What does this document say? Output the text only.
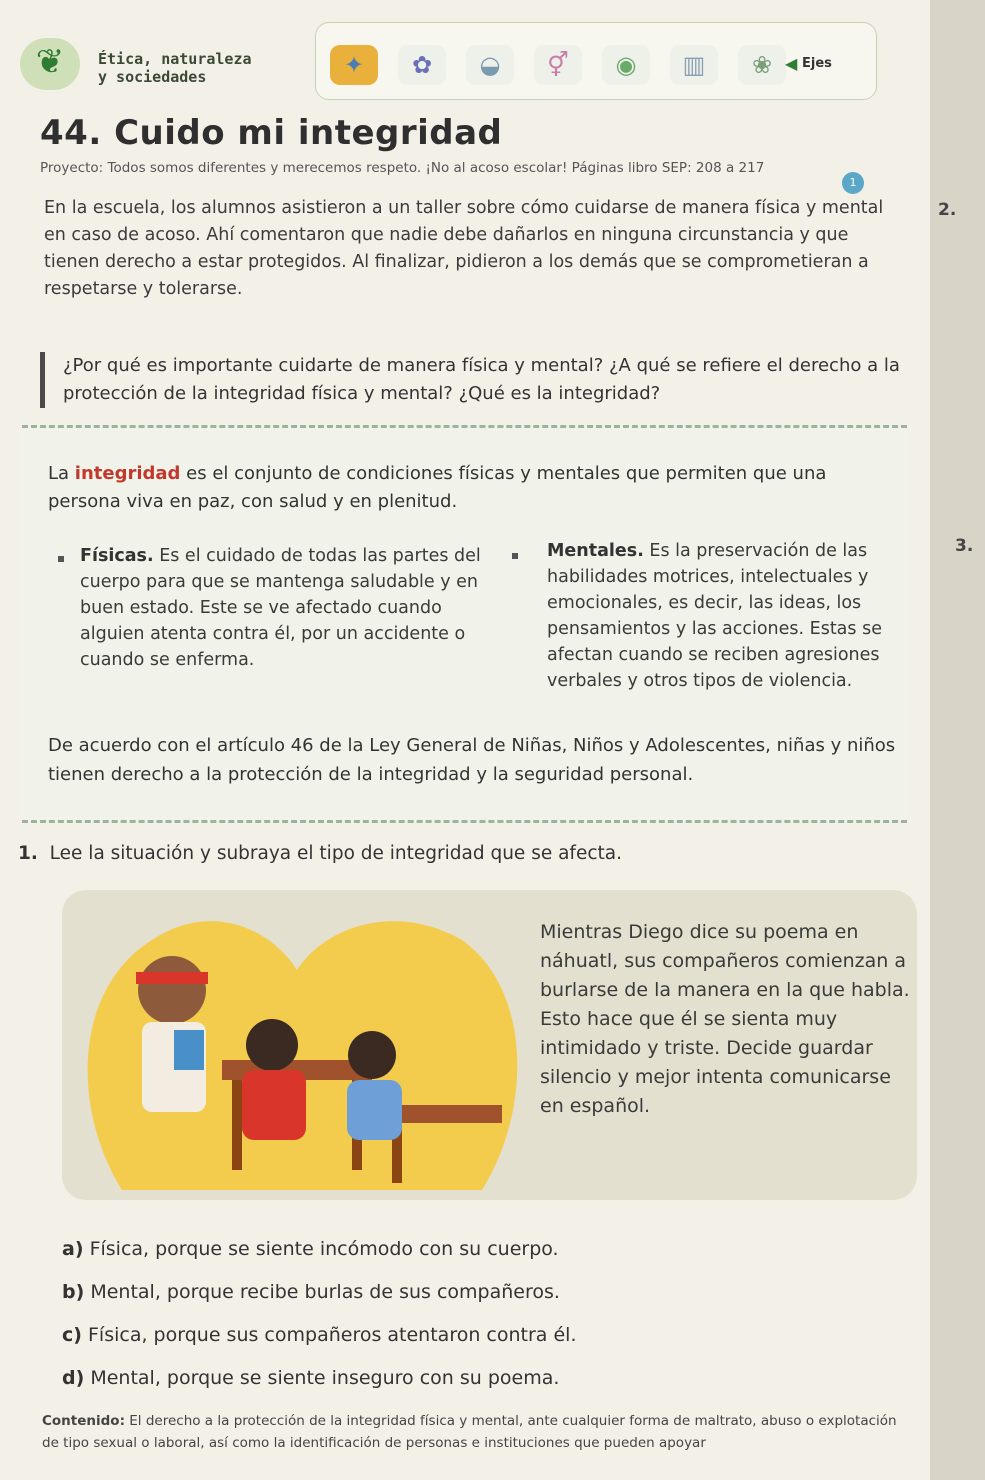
❦	Ética, naturaleza
y sociedades	✦	✿	◒	⚥	◉	▥	❀ ◀ Ejes
44. Cuido mi integridad
Proyecto: Todos somos diferentes y merecemos respeto. ¡No al acoso escolar! Páginas libro SEP: 208 a 217
1
En la escuela, los alumnos asistieron a un taller sobre cómo cuidarse de manera física y mental en caso de acoso. Ahí comentaron que nadie debe dañarlos en ninguna circunstancia y que tienen derecho a estar protegidos. Al finalizar, pidieron a los demás que se comprometieran a respetarse y tolerarse.
¿Por qué es importante cuidarte de manera física y mental? ¿A qué se refiere el derecho a la protección de la integridad física y mental? ¿Qué es la integridad?
La integridad es el conjunto de condiciones físicas y mentales que permiten que una persona viva en paz, con salud y en plenitud.
Físicas. Es el cuidado de todas las partes del cuerpo para que se mantenga saludable y en buen estado. Este se ve afectado cuando alguien atenta contra él, por un accidente o cuando se enferma.
Mentales. Es la preservación de las habilidades motrices, intelectuales y emocionales, es decir, las ideas, los pensamientos y las acciones. Estas se afectan cuando se reciben agresiones verbales y otros tipos de violencia.
De acuerdo con el artículo 46 de la Ley General de Niñas, Niños y Adolescentes, niñas y niños tienen derecho a la protección de la integridad y la seguridad personal.
1. Lee la situación y subraya el tipo de integridad que se afecta.
Mientras Diego dice su poema en náhuatl, sus compañeros comienzan a burlarse de la manera en la que habla. Esto hace que él se sienta muy intimidado y triste. Decide guardar silencio y mejor intenta comunicarse en español.
a) Física, porque se siente incómodo con su cuerpo.
b) Mental, porque recibe burlas de sus compañeros.
c) Física, porque sus compañeros atentaron contra él.
d) Mental, porque se siente inseguro con su poema.
Contenido: El derecho a la protección de la integridad física y mental, ante cualquier forma de maltrato, abuso o explotación de tipo sexual o laboral, así como la identificación de personas e instituciones que pueden apoyar
2.
3.
